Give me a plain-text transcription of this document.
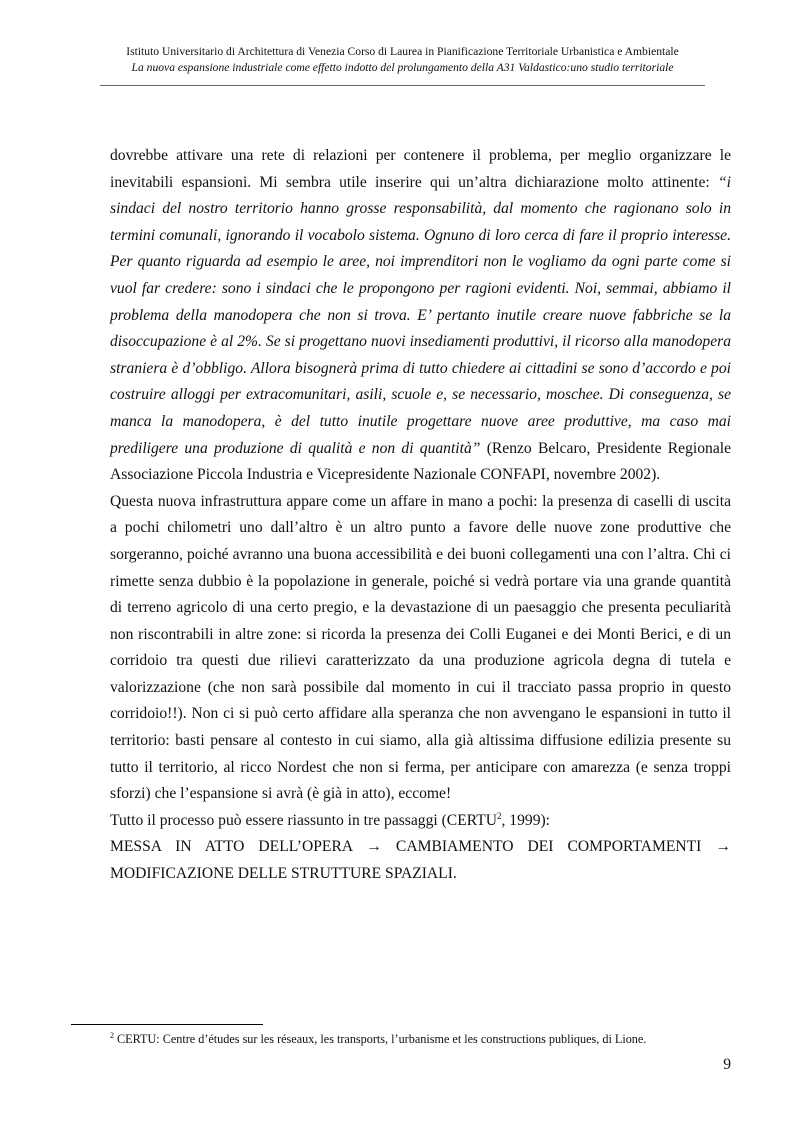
Istituto Universitario di Architettura di Venezia Corso di Laurea in Pianificazione Territoriale Urbanistica e Ambientale
La nuova espansione industriale come effetto indotto del prolungamento della A31 Valdastico:uno studio territoriale

dovrebbe attivare una rete di relazioni per contenere il problema, per meglio organizzare le inevitabili espansioni. Mi sembra utile inserire qui un’altra dichiarazione molto attinente: “i sindaci del nostro territorio hanno grosse responsabilità, dal momento che ragionano solo in termini comunali, ignorando il vocabolo sistema. Ognuno di loro cerca di fare il proprio interesse. Per quanto riguarda ad esempio le aree, noi imprenditori non le vogliamo da ogni parte come si vuol far credere: sono i sindaci che le propongono per ragioni evidenti. Noi, semmai, abbiamo il problema della manodopera che non si trova. E’ pertanto inutile creare nuove fabbriche se la disoccupazione è al 2%. Se si progettano nuovi insediamenti produttivi, il ricorso alla manodopera straniera è d’obbligo. Allora bisognerà prima di tutto chiedere ai cittadini se sono d’accordo e poi costruire alloggi per extracomunitari, asili, scuole e, se necessario, moschee. Di conseguenza, se manca la manodopera, è del tutto inutile progettare nuove aree produttive, ma caso mai prediligere una produzione di qualità e non di quantità” (Renzo Belcaro, Presidente Regionale Associazione Piccola Industria e Vicepresidente Nazionale CONFAPI, novembre 2002).

Questa nuova infrastruttura appare come un affare in mano a pochi: la presenza di caselli di uscita a pochi chilometri uno dall’altro è un altro punto a favore delle nuove zone produttive che sorgeranno, poiché avranno una buona accessibilità e dei buoni collegamenti una con l’altra. Chi ci rimette senza dubbio è la popolazione in generale, poiché si vedrà portare via una grande quantità di terreno agricolo di una certo pregio, e la devastazione di un paesaggio che presenta peculiarità non riscontrabili in altre zone: si ricorda la presenza dei Colli Euganei e dei Monti Berici, e di un corridoio tra questi due rilievi caratterizzato da una produzione agricola degna di tutela e valorizzazione (che non sarà possibile dal momento in cui il tracciato passa proprio in questo corridoio!!). Non ci si può certo affidare alla speranza che non avvengano le espansioni in tutto il territorio: basti pensare al contesto in cui siamo, alla già altissima diffusione edilizia presente su tutto il territorio, al ricco Nordest che non si ferma, per anticipare con amarezza (e senza troppi sforzi) che l’espansione si avrà (è già in atto), eccome!

Tutto il processo può essere riassunto in tre passaggi (CERTU$^2$, 1999):

MESSA IN ATTO DELL’OPERA → CAMBIAMENTO DEI COMPORTAMENTI → MODIFICAZIONE DELLE STRUTTURE SPAZIALI.

$^2$ CERTU: Centre d’études sur les réseaux, les transports, l’urbanisme et les constructions publiques, di Lione.
9
